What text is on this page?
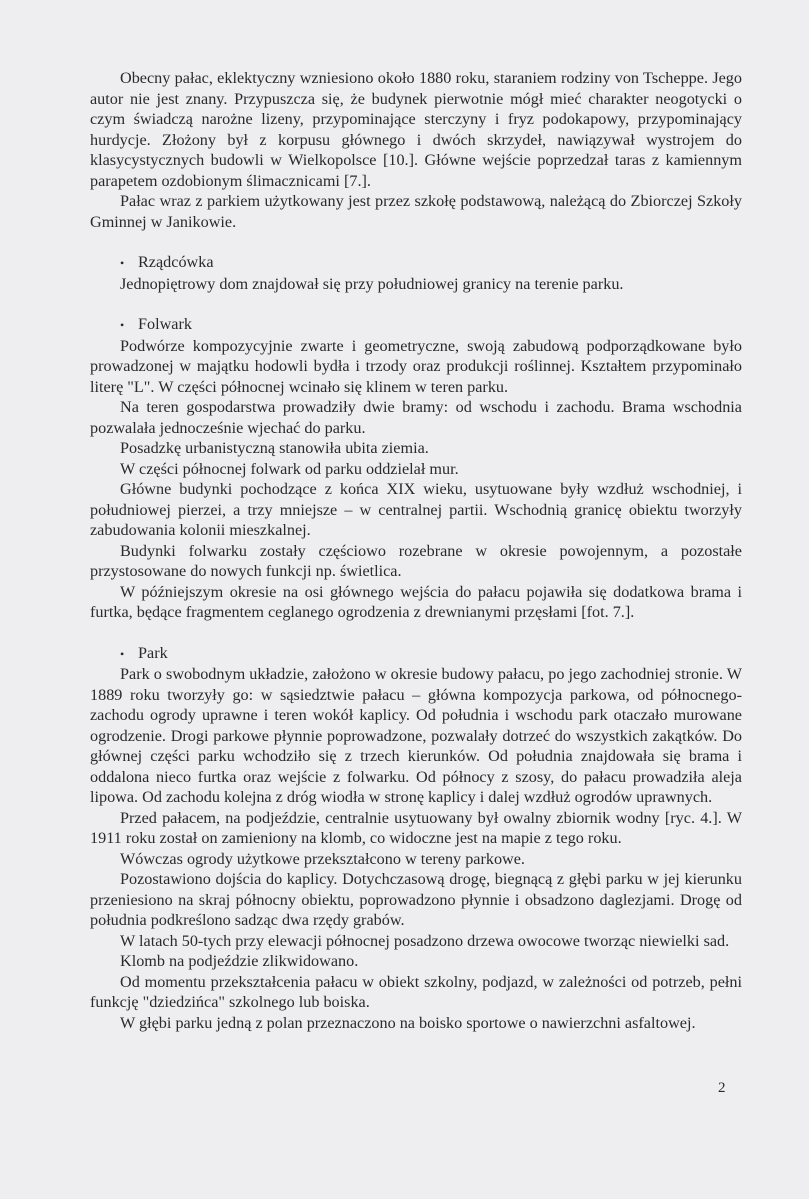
Obecny pałac, eklektyczny wzniesiono około 1880 roku, staraniem rodziny von Tscheppe. Jego autor nie jest znany. Przypuszcza się, że budynek pierwotnie mógł mieć charakter neogotycki o czym świadczą narożne lizeny, przypominające sterczyny i fryz podokapowy, przypominający hurdycje. Złożony był z korpusu głównego i dwóch skrzydeł, nawiązywał wystrojem do klasycystycznych budowli w Wielkopolsce [10.]. Główne wejście poprzedzał taras z kamiennym parapetem ozdobionym ślimacznicami [7.].

Pałac wraz z parkiem użytkowany jest przez szkołę podstawową, należącą do Zbiorczej Szkoły Gminnej w Janikowie.

• Rządcówka

Jednopiętrowy dom znajdował się przy południowej granicy na terenie parku.

• Folwark

Podwórze kompozycyjnie zwarte i geometryczne, swoją zabudową podporządkowane było prowadzonej w majątku hodowli bydła i trzody oraz produkcji roślinnej. Kształtem przypominało literę "L". W części północnej wcinało się klinem w teren parku.

Na teren gospodarstwa prowadziły dwie bramy: od wschodu i zachodu. Brama wschodnia pozwalała jednocześnie wjechać do parku.

Posadzkę urbanistyczną stanowiła ubita ziemia.

W części północnej folwark od parku oddzielał mur.

Główne budynki pochodzące z końca XIX wieku, usytuowane były wzdłuż wschodniej, i południowej pierzei, a trzy mniejsze – w centralnej partii. Wschodnią granicę obiektu tworzyły zabudowania kolonii mieszkalnej.

Budynki folwarku zostały częściowo rozebrane w okresie powojennym, a pozostałe przystosowane do nowych funkcji np. świetlica.

W późniejszym okresie na osi głównego wejścia do pałacu pojawiła się dodatkowa brama i furtka, będące fragmentem ceglanego ogrodzenia z drewnianymi przęsłami [fot. 7.].

• Park

Park o swobodnym układzie, założono w okresie budowy pałacu, po jego zachodniej stronie. W 1889 roku tworzyły go: w sąsiedztwie pałacu – główna kompozycja parkowa, od północnego-zachodu ogrody uprawne i teren wokół kaplicy. Od południa i wschodu park otaczało murowane ogrodzenie. Drogi parkowe płynnie poprowadzone, pozwalały dotrzeć do wszystkich zakątków. Do głównej części parku wchodziło się z trzech kierunków. Od południa znajdowała się brama i oddalona nieco furtka oraz wejście z folwarku. Od północy z szosy, do pałacu prowadziła aleja lipowa. Od zachodu kolejna z dróg wiodła w stronę kaplicy i dalej wzdłuż ogrodów uprawnych.

Przed pałacem, na podjeździe, centralnie usytuowany był owalny zbiornik wodny [ryc. 4.]. W 1911 roku został on zamieniony na klomb, co widoczne jest na mapie z tego roku.

Wówczas ogrody użytkowe przekształcono w tereny parkowe.

Pozostawiono dojścia do kaplicy. Dotychczasową drogę, biegnącą z głębi parku w jej kierunku przeniesiono na skraj północny obiektu, poprowadzono płynnie i obsadzono daglezjami. Drogę od południa podkreślono sadząc dwa rzędy grabów.

W latach 50-tych przy elewacji północnej posadzono drzewa owocowe tworząc niewielki sad.

Klomb na podjeździe zlikwidowano.

Od momentu przekształcenia pałacu w obiekt szkolny, podjazd, w zależności od potrzeb, pełni funkcję "dziedzińca" szkolnego lub boiska.

W głębi parku jedną z polan przeznaczono na boisko sportowe o nawierzchni asfaltowej.

2
